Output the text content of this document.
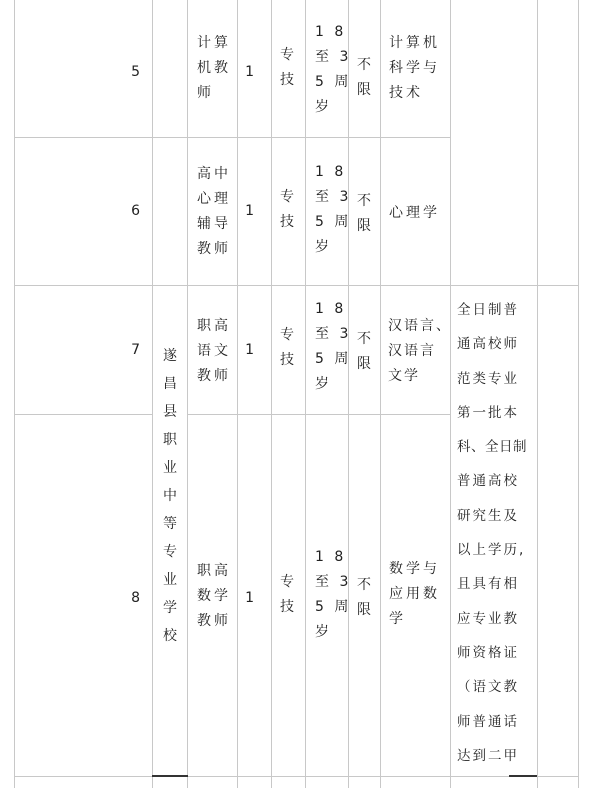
5
计算
机教
师
1
专
技
1 8
至 3
5 周
岁
不
限
计算机
科学与
技术
6
高中
心理
辅导
教师
1
专
技
1 8
至 3
5 周
岁
不
限
心理学
遂
昌
县
职
业
中
等
专
业
学
校
7
职高
语文
教师
1
专
技
1 8
至 3
5 周
岁
不
限
汉语言、
汉语言
文学
8
职高
数学
教师
1
专
技
1 8
至 3
5 周
岁
不
限
数学与
应用数
学
全日制普
通高校师
范类专业
第一批本
科、全日制
普通高校
研究生及
以上学历,
且具有相
应专业教
师资格证
（语文教
师普通话
达到二甲
